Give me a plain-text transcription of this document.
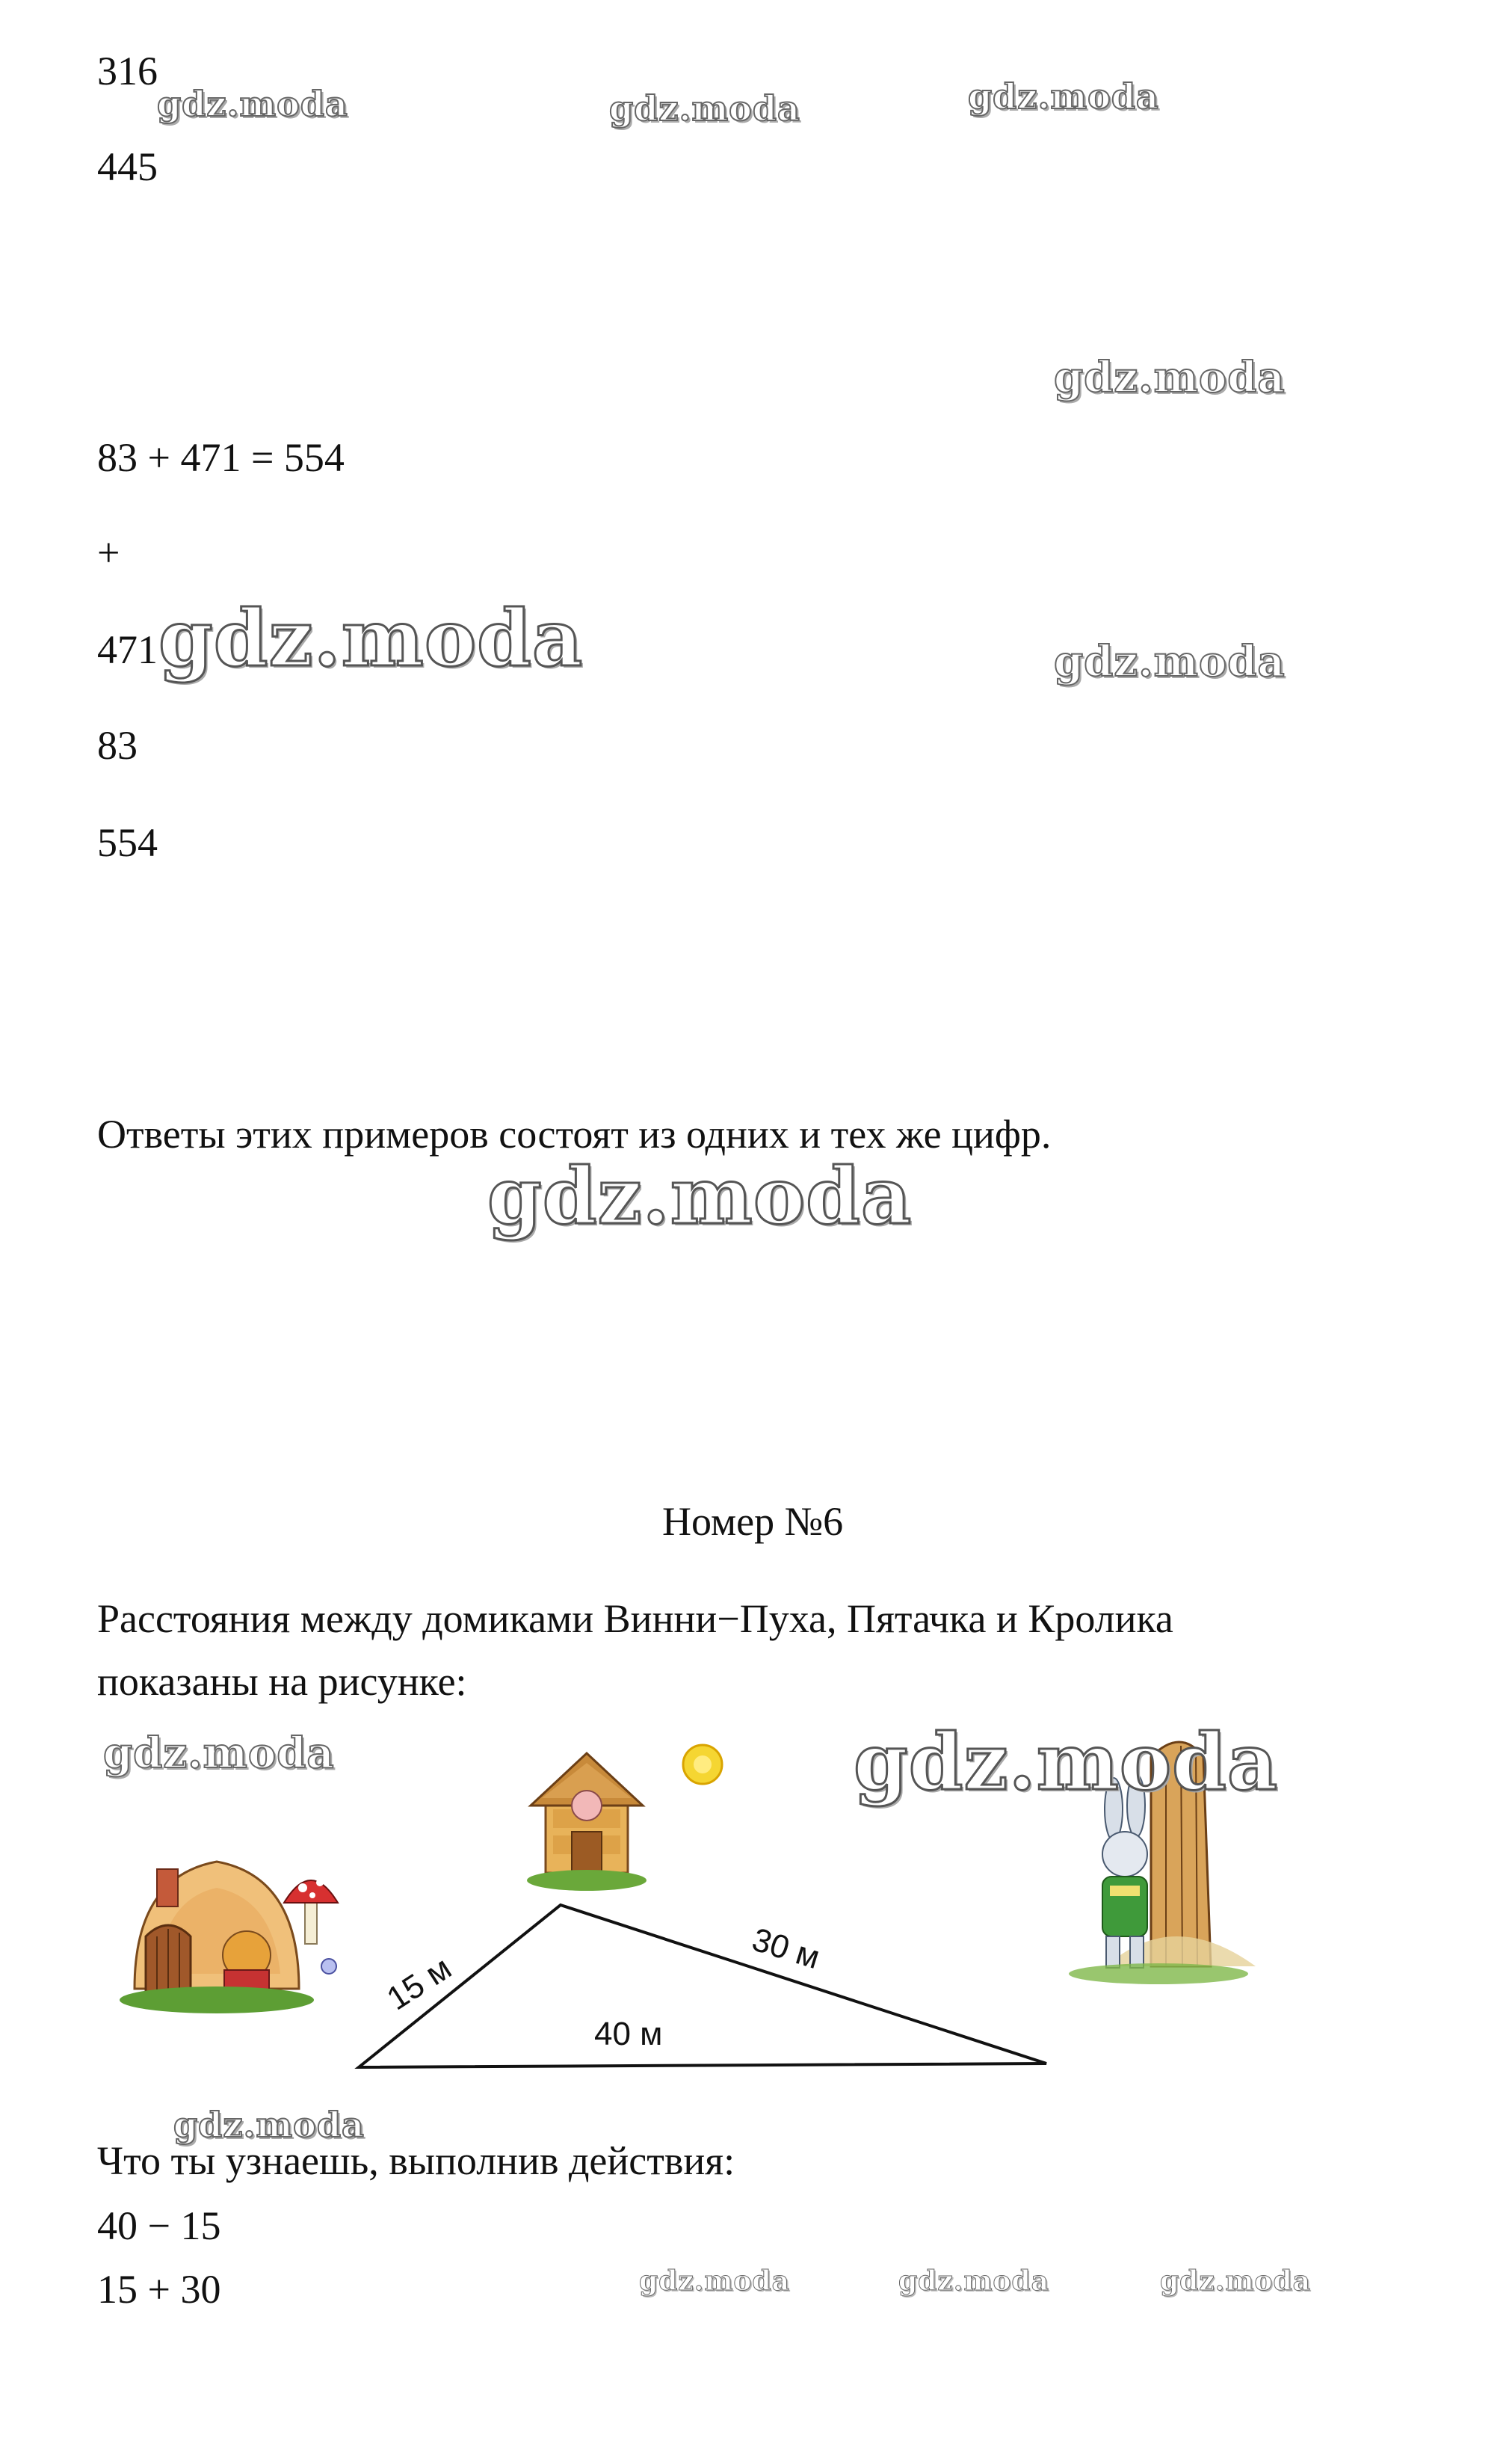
316
445
83 + 471 = 554
+
471
83
554
Ответы этих примеров состоят из одних и тех же цифр.
Номер №6
Расстояния между домиками Винни−Пуха, Пятачка и Кролика
показаны на рисунке:
15 м
30 м
40 м
Что ты узнаешь, выполнив действия:
40 − 15
15 + 30
gdz.moda	gdz.moda	gdz.moda
gdz.moda
gdz.moda	gdz.moda
gdz.moda
gdz.moda	gdz.moda
gdz.moda
gdz.moda	gdz.moda	gdz.moda
